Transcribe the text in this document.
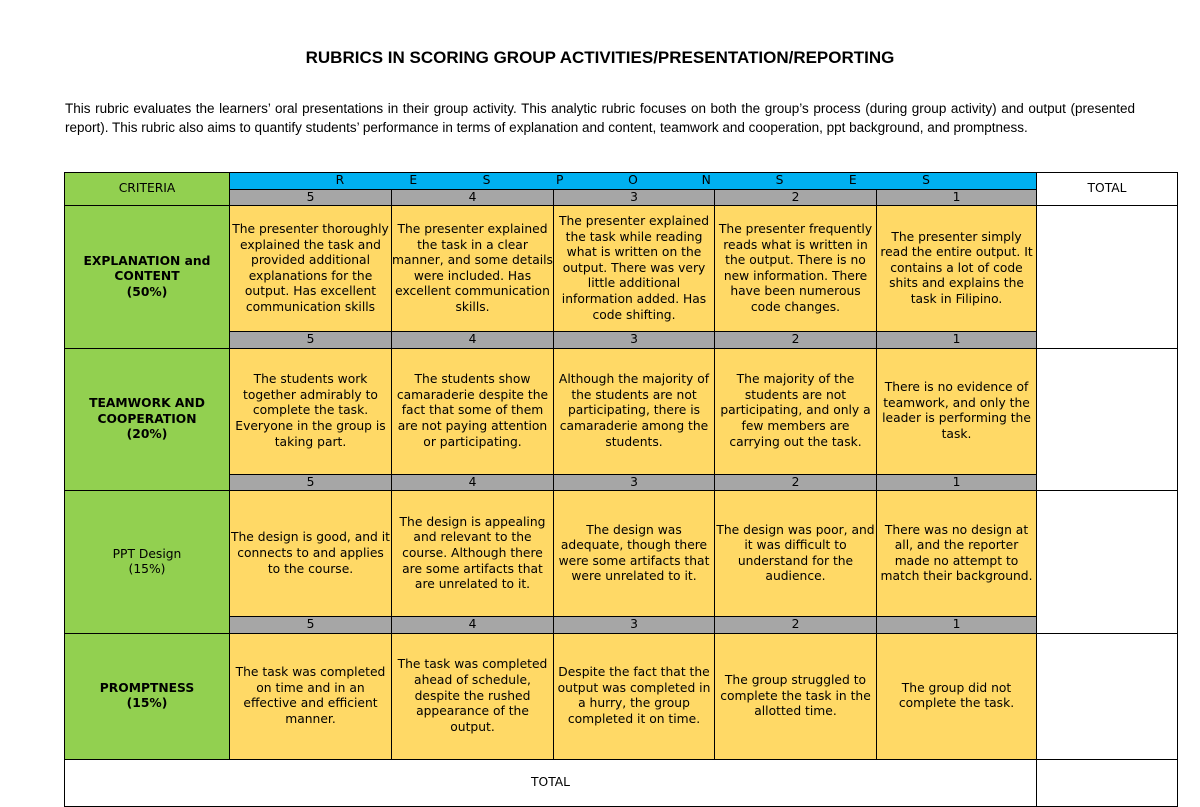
RUBRICS IN SCORING GROUP ACTIVITIES/PRESENTATION/REPORTING
This rubric evaluates the learners’ oral presentations in their group activity. This analytic rubric focuses on both the group’s process (during group activity) and output (presented report). This rubric also aims to quantify students’ performance in terms of explanation and content, teamwork and cooperation, ppt background, and promptness.
CRITERIA	R E S P O N S E S					TOTAL
	5	4	3	2	1	

EXPLANATION and CONTENT
(50%)	The presenter thoroughly explained the task and provided additional explanations for the output. Has excellent communication skills	The presenter explained the task in a clear manner, and some details were included. Has excellent communication skills.	The presenter explained the task while reading what is written on the output. There was very little additional information added. Has code shifting.	The presenter frequently reads what is written in the output. There is no new information. There have been numerous code changes.	The presenter simply read the entire output. It contains a lot of code shits and explains the task in Filipino.	
	5	4	3	2	1	

TEAMWORK AND COOPERATION
(20%)	The students work together admirably to complete the task. Everyone in the group is taking part.	The students show camaraderie despite the fact that some of them are not paying attention or participating.	Although the majority of the students are not participating, there is camaraderie among the students.	The majority of the students are not participating, and only a few members are carrying out the task.	There is no evidence of teamwork, and only the leader is performing the task.	
	5	4	3	2	1	

PPT Design
(15%)	The design is good, and it connects to and applies to the course.	The design is appealing and relevant to the course. Although there are some artifacts that are unrelated to it.	The design was adequate, though there were some artifacts that were unrelated to it.	The design was poor, and it was difficult to understand for the audience.	There was no design at all, and the reporter made no attempt to match their background.	
	5	4	3	2	1	

PROMPTNESS
(15%)	The task was completed on time and in an effective and efficient manner.	The task was completed ahead of schedule, despite the rushed appearance of the output.	Despite the fact that the output was completed in a hurry, the group completed it on time.	The group struggled to complete the task in the allotted time.	The group did not complete the task.	
TOTAL						
